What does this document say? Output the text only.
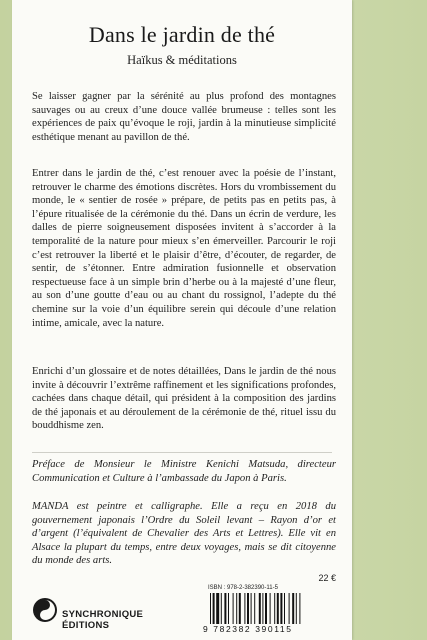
Dans le jardin de thé
Haïkus & méditations

Se laisser gagner par la sérénité au plus profond des montagnes sauvages ou au creux d’une douce vallée brumeuse : telles sont les expériences de paix qu’évoque le roji, jardin à la minutieuse simplicité esthétique menant au pavillon de thé.

Entrer dans le jardin de thé, c’est renouer avec la poésie de l’instant, retrouver le charme des émotions discrètes. Hors du vrombissement du monde, le « sentier de rosée » prépare, de petits pas en petits pas, à l’épure ritualisée de la cérémonie du thé. Dans un écrin de verdure, les dalles de pierre soigneusement disposées invitent à s’accorder à la temporalité de la nature pour mieux s’en émerveiller. Parcourir le roji c’est retrouver la liberté et le plaisir d’être, d’écouter, de regarder, de sentir, de s’étonner. Entre admiration fusionnelle et observation respectueuse face à un simple brin d’herbe ou à la majesté d’une fleur, au son d’une goutte d’eau ou au chant du rossignol, l’adepte du thé chemine sur la voie d’un équilibre serein qui découle d’une relation intime, amicale, avec la nature.

Enrichi d’un glossaire et de notes détaillées, Dans le jardin de thé nous invite à découvrir l’extrême raffinement et les significations profondes, cachées dans chaque détail, qui président à la composition des jardins de thé japonais et au déroulement de la cérémonie de thé, rituel issu du bouddhisme zen.

Préface de Monsieur le Ministre Kenichi Matsuda, directeur Communication et Culture à l’ambassade du Japon à Paris.

MANDA est peintre et calligraphe. Elle a reçu en 2018 du gouvernement japonais l’Ordre du Soleil levant – Rayon d’or et d’argent (l’équivalent de Chevalier des Arts et Lettres). Elle vit en Alsace la plupart du temps, entre deux voyages, mais se dit citoyenne du monde des arts.

22 €
ISBN : 978-2-382390-11-5
9 782382 390115
SYNCHRONIQUE ÉDITIONS
